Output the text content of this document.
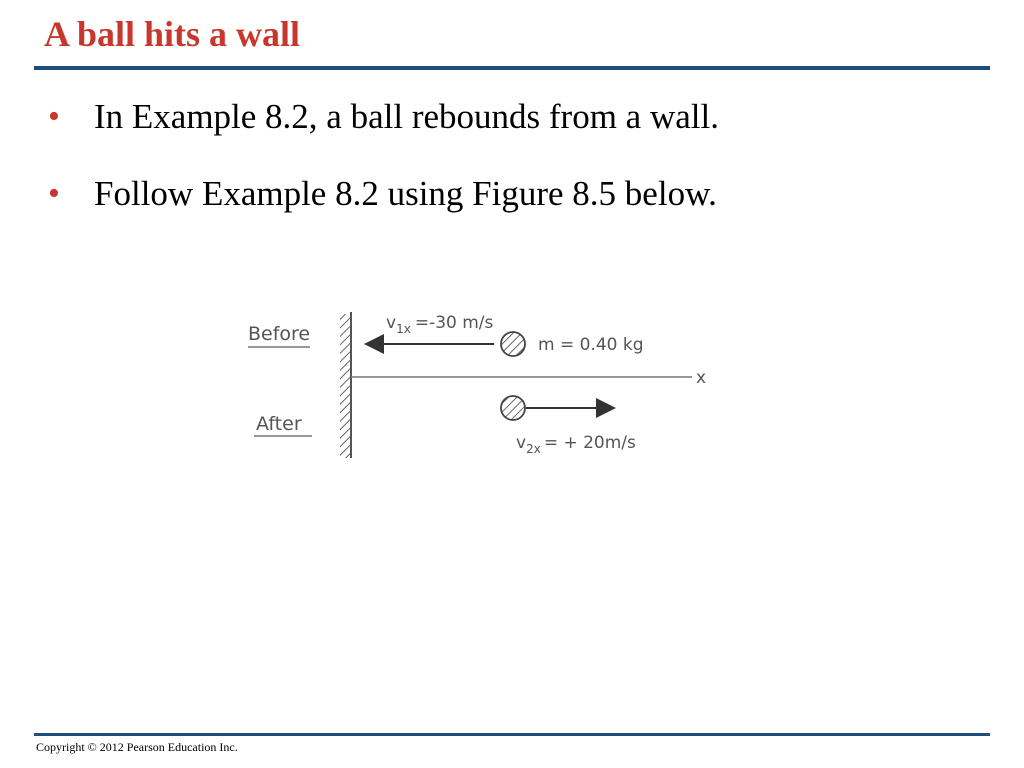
A ball hits a wall
• In Example 8.2, a ball rebounds from a wall.
• Follow Example 8.2 using Figure 8.5 below.
x
Before	$v_{1x} =-30$ m/s
m = 0.40 kg
After
$v_{2x}$ = + 20m/s
Copyright © 2012 Pearson Education Inc.
